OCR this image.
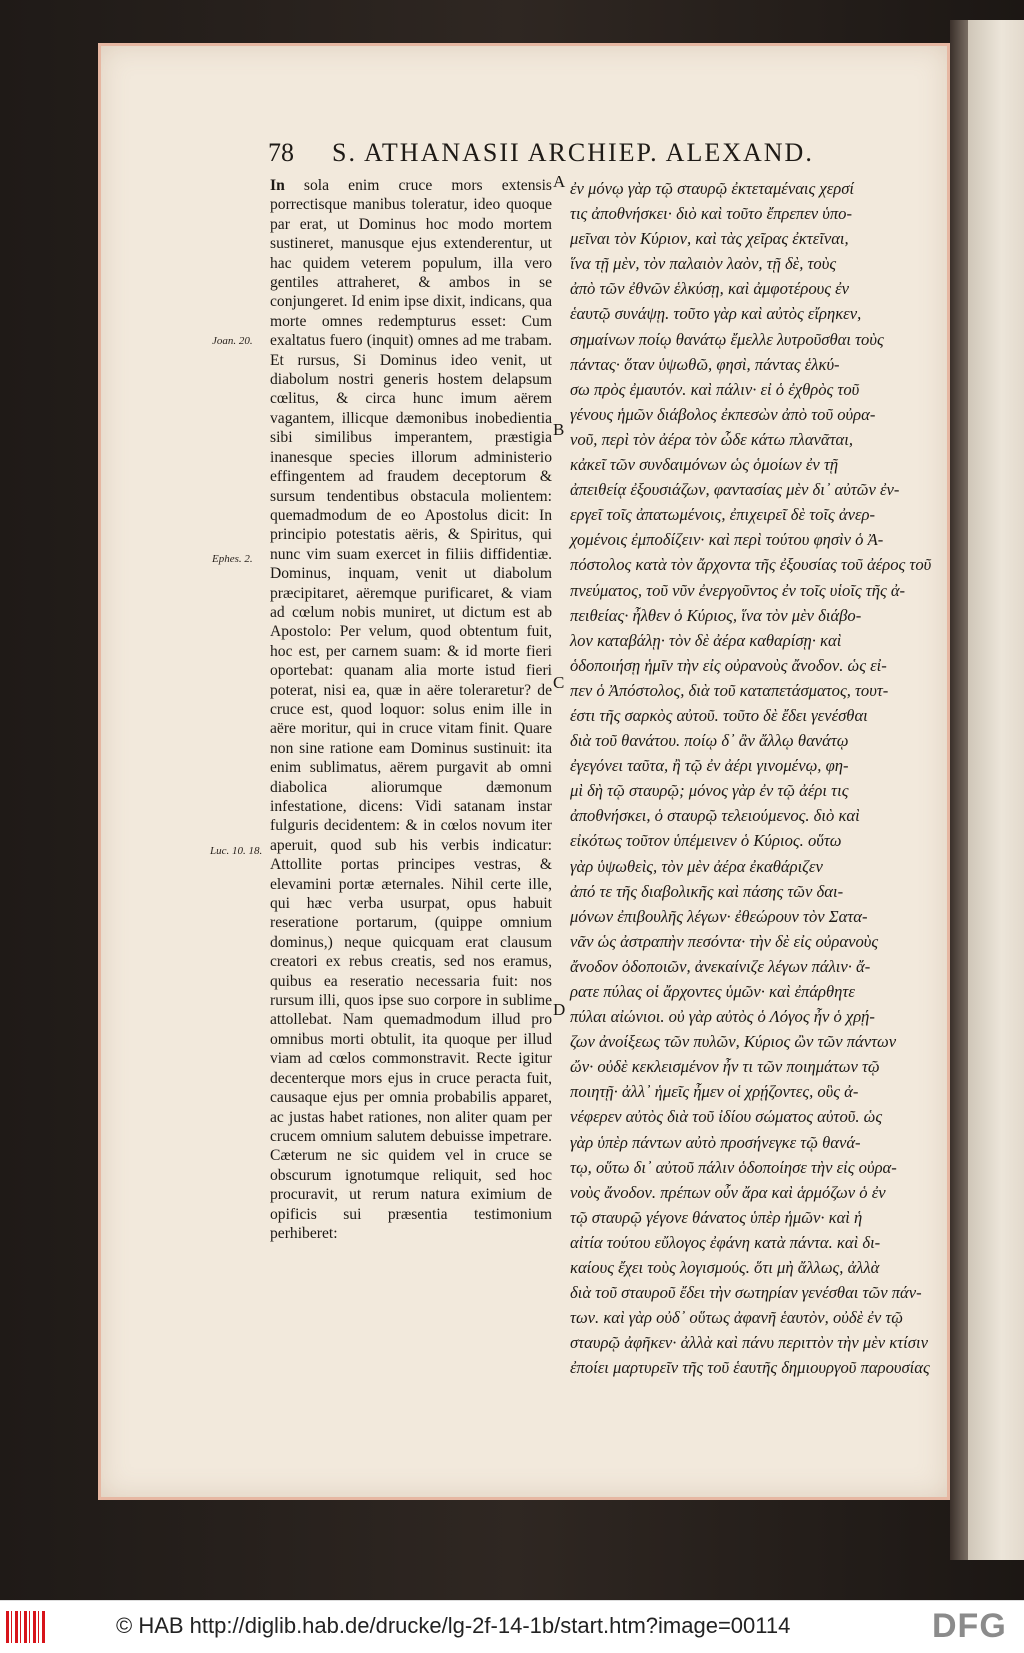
78 S. ATHANASII ARCHIEP. ALEXAND.

In sola enim cruce mors extensis porrectisque manibus toleratur, ideo quoque par erat, ut Dominus hoc modo mortem sustineret, manusque ejus extenderentur, ut hac quidem veterem populum, illa vero gentiles attraheret, & ambos in se conjungeret. Id enim ipse dixit, indicans, qua morte omnes redempturus esset: Cum exaltatus fuero (inquit) omnes ad me trabam. Et rursus, Si Dominus ideo venit, ut diabolum nostri generis hostem delapsum cœlitus, & circa hunc imum aërem vagantem, illicque dæmonibus inobedientia sibi similibus imperantem, præstigia inanesque species illorum administerio effingentem ad fraudem deceptorum & sursum tendentibus obstacula molientem: quemadmodum de eo Apostolus dicit: In principio potestatis aëris, & Spiritus, qui nunc vim suam exercet in filiis diffidentiæ. Dominus, inquam, venit ut diabolum præcipitaret, aëremque purificaret, & viam ad cœlum nobis muniret, ut dictum est ab Apostolo: Per velum, quod obtentum fuit, hoc est, per carnem suam: & id morte fieri oportebat: quanam alia morte istud fieri poterat, nisi ea, quæ in aëre toleraretur? de cruce est, quod loquor: solus enim ille in aëre moritur, qui in cruce vitam finit. Quare non sine ratione eam Dominus sustinuit: ita enim sublimatus, aërem purgavit ab omni diabolica aliorumque dæmonum infestatione, dicens: Vidi satanam instar fulguris decidentem: & in cœlos novum iter aperuit, quod sub his verbis indicatur: Attollite portas principes vestras, & elevamini portæ æternales. Nihil certe ille, qui hæc verba usurpat, opus habuit reseratione portarum, (quippe omnium dominus,) neque quicquam erat clausum creatori ex rebus creatis, sed nos eramus, quibus ea reseratio necessaria fuit: nos rursum illi, quos ipse suo corpore in sublime attollebat. Nam quemadmodum illud pro omnibus morti obtulit, ita quoque per illud viam ad cœlos commonstravit. Recte igitur decenterque mors ejus in cruce peracta fuit, causaque ejus per omnia probabilis apparet, ac justas habet rationes, non aliter quam per crucem omnium salutem debuisse impetrare. Cæterum ne sic quidem vel in cruce se obscurum ignotumque reliquit, sed hoc procuravit, ut rerum natura eximium de opificis sui præsentia testimonium perhiberet:

ἐν μόνῳ γὰρ τῷ σταυρῷ ἐκτεταμέναις χερσί
τις ἀποθνήσκει· διὸ καὶ τοῦτο ἔπρεπεν ὑπο-
μεῖναι τὸν Κύριον, καὶ τὰς χεῖρας ἐκτεῖναι,
ἵνα τῇ μὲν, τὸν παλαιὸν λαὸν, τῇ δὲ, τοὺς
ἀπὸ τῶν ἐθνῶν ἑλκύσῃ, καὶ ἀμφοτέρους ἐν
ἑαυτῷ συνάψῃ. τοῦτο γὰρ καὶ αὐτὸς εἴρηκεν,
σημαίνων ποίῳ θανάτῳ ἔμελλε λυτροῦσθαι τοὺς
πάντας· ὅταν ὑψωθῶ, φησὶ, πάντας ἑλκύ-
σω πρὸς ἐμαυτόν. καὶ πάλιν· εἰ ὁ ἐχθρὸς τοῦ
γένους ἡμῶν διάβολος ἐκπεσὼν ἀπὸ τοῦ οὐρα-
νοῦ, περὶ τὸν ἀέρα τὸν ὧδε κάτω πλανᾶται,
κἀκεῖ τῶν συνδαιμόνων ὡς ὁμοίων ἐν τῇ
ἀπειθείᾳ ἐξουσιάζων, φαντασίας μὲν δι᾽ αὐτῶν ἐν-
εργεῖ τοῖς ἀπατωμένοις, ἐπιχειρεῖ δὲ τοῖς ἀνερ-
χομένοις ἐμποδίζειν· καὶ περὶ τούτου φησὶν ὁ Ἀ-
πόστολος κατὰ τὸν ἄρχοντα τῆς ἐξουσίας τοῦ ἀέρος τοῦ
πνεύματος, τοῦ νῦν ἐνεργοῦντος ἐν τοῖς υἱοῖς τῆς ἀ-
πειθείας· ἦλθεν ὁ Κύριος, ἵνα τὸν μὲν διάβο-
λον καταβάλῃ· τὸν δὲ ἀέρα καθαρίσῃ· καὶ
ὁδοποιήσῃ ἡμῖν τὴν εἰς οὐρανοὺς ἄνοδον. ὡς εἰ-
πεν ὁ Ἀπόστολος, διὰ τοῦ καταπετάσματος, τουτ-
έστι τῆς σαρκὸς αὐτοῦ. τοῦτο δὲ ἔδει γενέσθαι
διὰ τοῦ θανάτου. ποίῳ δ᾽ ἂν ἄλλῳ θανάτῳ
ἐγεγόνει ταῦτα, ἢ τῷ ἐν ἀέρι γινομένῳ, φη-
μὶ δὴ τῷ σταυρῷ; μόνος γὰρ ἐν τῷ ἀέρι τις
ἀποθνήσκει, ὁ σταυρῷ τελειούμενος. διὸ καὶ
εἰκότως τοῦτον ὑπέμεινεν ὁ Κύριος. οὕτω
γὰρ ὑψωθεὶς, τὸν μὲν ἀέρα ἐκαθάριζεν
ἀπό τε τῆς διαβολικῆς καὶ πάσης τῶν δαι-
μόνων ἐπιβουλῆς λέγων· ἐθεώρουν τὸν Σατα-
νᾶν ὡς ἀστραπὴν πεσόντα· τὴν δὲ εἰς οὐρανοὺς
ἄνοδον ὁδοποιῶν, ἀνεκαίνιζε λέγων πάλιν· ἄ-
ρατε πύλας οἱ ἄρχοντες ὑμῶν· καὶ ἐπάρθητε
πύλαι αἰώνιοι. οὐ γὰρ αὐτὸς ὁ Λόγος ἦν ὁ χρῄ-
ζων ἀνοίξεως τῶν πυλῶν, Κύριος ὢν τῶν πάντων
ὤν· οὐδὲ κεκλεισμένον ἦν τι τῶν ποιημάτων τῷ
ποιητῇ· ἀλλ᾽ ἡμεῖς ἦμεν οἱ χρῄζοντες, οὓς ἀ-
νέφερεν αὐτὸς διὰ τοῦ ἰδίου σώματος αὐτοῦ. ὡς
γὰρ ὑπὲρ πάντων αὐτὸ προσήνεγκε τῷ θανά-
τῳ, οὕτω δι᾽ αὐτοῦ πάλιν ὁδοποίησε τὴν εἰς οὐρα-
νοὺς ἄνοδον. πρέπων οὖν ἄρα καὶ ἁρμόζων ὁ ἐν
τῷ σταυρῷ γέγονε θάνατος ὑπὲρ ἡμῶν· καὶ ἡ
αἰτία τούτου εὔλογος ἐφάνη κατὰ πάντα. καὶ δι-
καίους ἔχει τοὺς λογισμούς. ὅτι μὴ ἄλλως, ἀλλὰ
διὰ τοῦ σταυροῦ ἔδει τὴν σωτηρίαν γενέσθαι τῶν πάν-
των. καὶ γὰρ οὐδ᾽ οὕτως ἀφανῆ ἑαυτὸν, οὐδὲ ἐν τῷ
σταυρῷ ἀφῆκεν· ἀλλὰ καὶ πάνυ περιττὸν τὴν μὲν κτίσιν
ἐποίει μαρτυρεῖν τῆς τοῦ ἑαυτῆς δημιουργοῦ παρουσίας
A
B
C
D
Joan. 20.
Ephes. 2.
Luc. 10. 18.
© HAB http://diglib.hab.de/drucke/lg-2f-14-1b/start.htm?image=00114	DFG
